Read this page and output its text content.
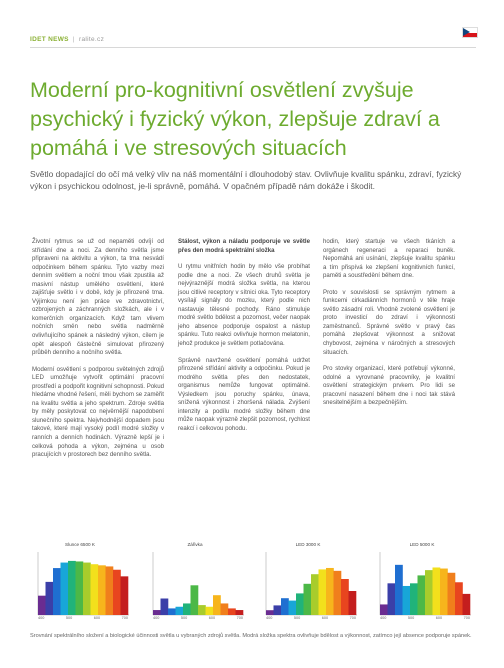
IDET NEWS | ralite.cz
Moderní pro-kognitivní osvětlení zvyšuje psychický i fyzický výkon, zlepšuje zdraví a pomáhá i ve stresových situacích
Světlo dopadající do očí má velký vliv na náš momentální i dlouhodobý stav. Ovlivňuje kvalitu spánku, zdraví, fyzický výkon i psychickou odolnost, je-li správně, pomáhá. V opačném případě nám dokáže i škodit.

Životní rytmus se už od nepaměti odvíjí od střídání dne a noci. Za denního světla jsme připraveni na aktivitu a výkon, ta tma nesvádí odpočinkem během spánku. Tyto vazby mezi denním světlem a noční tmou však zpustila až masivní nástup umělého osvětlení, které zajišťuje světlo i v době, kdy je přirozeně tma. Výjimkou není jen práce ve zdravotnictví, ozbrojených a záchranných složkách, ale i v komerčních organizacích. Když tam vlivem nočních směn nebo světla nadměrně ovlivňujícího spánek a následný výkon, cílem je opět alespoň částečně simulovat přirozený průběh denního a nočního světla.

Moderní osvětlení s podporou světelných zdrojů LED umožňuje vytvořit optimální pracovní prostředí a podpořit kognitivní schopnosti. Pokud hledáme vhodné řešení, měli bychom se zaměřit na kvalitu světla a jeho spektrum. Zdroje světla by měly poskytovat co nejvěrnější napodobení slunečního spektra. Nejvhodnější dopadem jsou takové, které mají vysoký podíl modré složky v ranních a denních hodinách. Výrazně lepší je i celková pohoda a výkon, zejména u osob pracujících v prostorech bez denního světla.

Stálost, výkon a náladu podporuje ve světle přes den modrá spektrální složka

U rytmu vnitřních hodin by mělo vše probíhat podle dne a noci. Ze všech druhů světla je nejvýraznější modrá složka světla, na kterou jsou citlivé receptory v sítnici oka. Tyto receptory vysílají signály do mozku, který podle nich nastavuje tělesné pochody. Ráno stimuluje modré světlo bdělost a pozornost, večer naopak jeho absence podporuje ospalost a nástup spánku. Tuto reakci ovlivňuje hormon melatonin, jehož produkce je světlem potlačována.

Správně navržené osvětlení pomáhá udržet přirozené střídání aktivity a odpočinku. Pokud je modrého světla přes den nedostatek, organismus nemůže fungovat optimálně. Výsledkem jsou poruchy spánku, únava, snížená výkonnost i zhoršená nálada. Zvýšení intenzity a podílu modré složky během dne může naopak výrazně zlepšit pozornost, rychlost reakcí i celkovou pohodu.

hodin, který startuje ve všech tkáních a orgánech regeneraci a reparaci buněk. Nepomáhá ani usínání, zlepšuje kvalitu spánku a tím přispívá ke zlepšení kognitivních funkcí, paměti a soustředění během dne.

Proto v souvislosti se správným rytmem a funkcemi cirkadiánních hormonů v těle hraje světlo zásadní roli. Vhodně zvolené osvětlení je proto investicí do zdraví i výkonnosti zaměstnanců. Správné světlo v pravý čas pomáhá zlepšovat výkonnost a snižovat chybovost, zejména v náročných a stresových situacích.

Pro stovky organizací, které potřebují výkonné, odolné a vyrovnané pracovníky, je kvalitní osvětlení strategickým prvkem. Pro lidi se pracovní nasazení během dne i noci tak stává snesitelnějším a bezpečnějším.

Slunce 6500 K
400	500	600	700
Zářivka
400	500	600	700
LED 3000 K
400	500	600	700
LED 5000 K
400	500	600	700
Srovnání spektrálního složení a biologické účinnosti světla u vybraných zdrojů světla. Modrá složka spektra ovlivňuje bdělost a výkonnost, zatímco její absence podporuje spánek.
